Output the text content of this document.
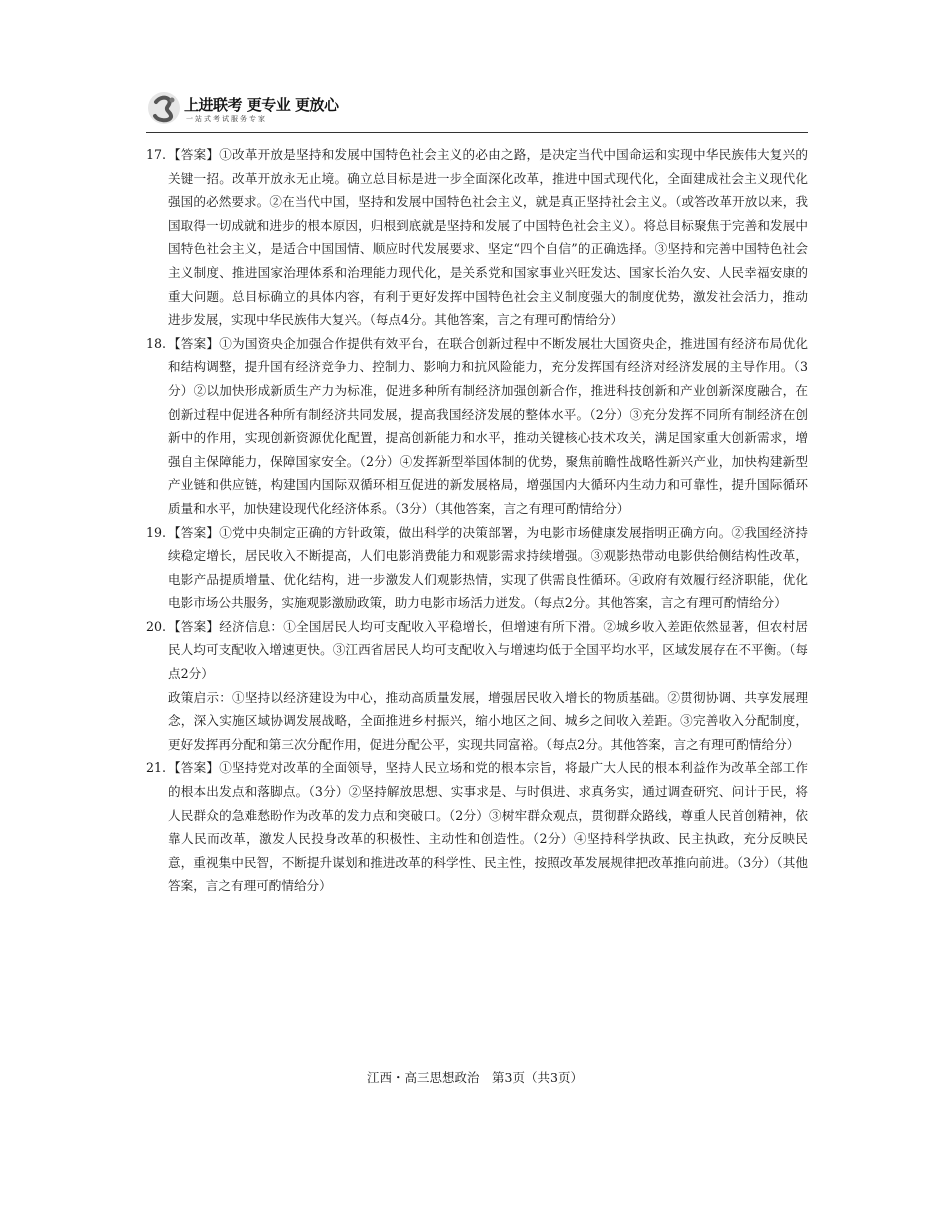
上进联考 更专业 更放心
一站式考试服务专家
17. 【答案】①改革开放是坚持和发展中国特色社会主义的必由之路，是决定当代中国命运和实现中华民族伟大复兴的关键一招。改革开放永无止境。确立总目标是进一步全面深化改革，推进中国式现代化，全面建成社会主义现代化强国的必然要求。②在当代中国，坚持和发展中国特色社会主义，就是真正坚持社会主义。（或答改革开放以来，我国取得一切成就和进步的根本原因，归根到底就是坚持和发展了中国特色社会主义）。将总目标聚焦于完善和发展中国特色社会主义，是适合中国国情、顺应时代发展要求、坚定“四个自信”的正确选择。③坚持和完善中国特色社会主义制度、推进国家治理体系和治理能力现代化，是关系党和国家事业兴旺发达、国家长治久安、人民幸福安康的重大问题。总目标确立的具体内容，有利于更好发挥中国特色社会主义制度强大的制度优势，激发社会活力，推动进步发展，实现中华民族伟大复兴。（每点4分。其他答案，言之有理可酌情给分）
18. 【答案】①为国资央企加强合作提供有效平台，在联合创新过程中不断发展壮大国资央企，推进国有经济布局优化和结构调整，提升国有经济竞争力、控制力、影响力和抗风险能力，充分发挥国有经济对经济发展的主导作用。（3分）②以加快形成新质生产力为标准，促进多种所有制经济加强创新合作，推进科技创新和产业创新深度融合，在创新过程中促进各种所有制经济共同发展，提高我国经济发展的整体水平。（2分）③充分发挥不同所有制经济在创新中的作用，实现创新资源优化配置，提高创新能力和水平，推动关键核心技术攻关，满足国家重大创新需求，增强自主保障能力，保障国家安全。（2分）④发挥新型举国体制的优势，聚焦前瞻性战略性新兴产业，加快构建新型产业链和供应链，构建国内国际双循环相互促进的新发展格局，增强国内大循环内生动力和可靠性，提升国际循环质量和水平，加快建设现代化经济体系。（3分）（其他答案，言之有理可酌情给分）
19. 【答案】①党中央制定正确的方针政策，做出科学的决策部署，为电影市场健康发展指明正确方向。②我国经济持续稳定增长，居民收入不断提高，人们电影消费能力和观影需求持续增强。③观影热带动电影供给侧结构性改革，电影产品提质增量、优化结构，进一步激发人们观影热情，实现了供需良性循环。④政府有效履行经济职能，优化电影市场公共服务，实施观影激励政策，助力电影市场活力迸发。（每点2分。其他答案，言之有理可酌情给分）
20. 【答案】经济信息：①全国居民人均可支配收入平稳增长，但增速有所下滑。②城乡收入差距依然显著，但农村居民人均可支配收入增速更快。③江西省居民人均可支配收入与增速均低于全国平均水平，区域发展存在不平衡。（每点2分）

政策启示：①坚持以经济建设为中心，推动高质量发展，增强居民收入增长的物质基础。②贯彻协调、共享发展理念，深入实施区域协调发展战略，全面推进乡村振兴，缩小地区之间、城乡之间收入差距。③完善收入分配制度，更好发挥再分配和第三次分配作用，促进分配公平，实现共同富裕。（每点2分。其他答案，言之有理可酌情给分）

21. 【答案】①坚持党对改革的全面领导，坚持人民立场和党的根本宗旨，将最广大人民的根本利益作为改革全部工作的根本出发点和落脚点。（3分）②坚持解放思想、实事求是、与时俱进、求真务实，通过调查研究、问计于民，将人民群众的急难愁盼作为改革的发力点和突破口。（2分）③树牢群众观点，贯彻群众路线，尊重人民首创精神，依靠人民而改革，激发人民投身改革的积极性、主动性和创造性。（2分）④坚持科学执政、民主执政，充分反映民意，重视集中民智，不断提升谋划和推进改革的科学性、民主性，按照改革发展规律把改革推向前进。（3分）（其他答案，言之有理可酌情给分）
江西・高三思想政治　第3页（共3页）
